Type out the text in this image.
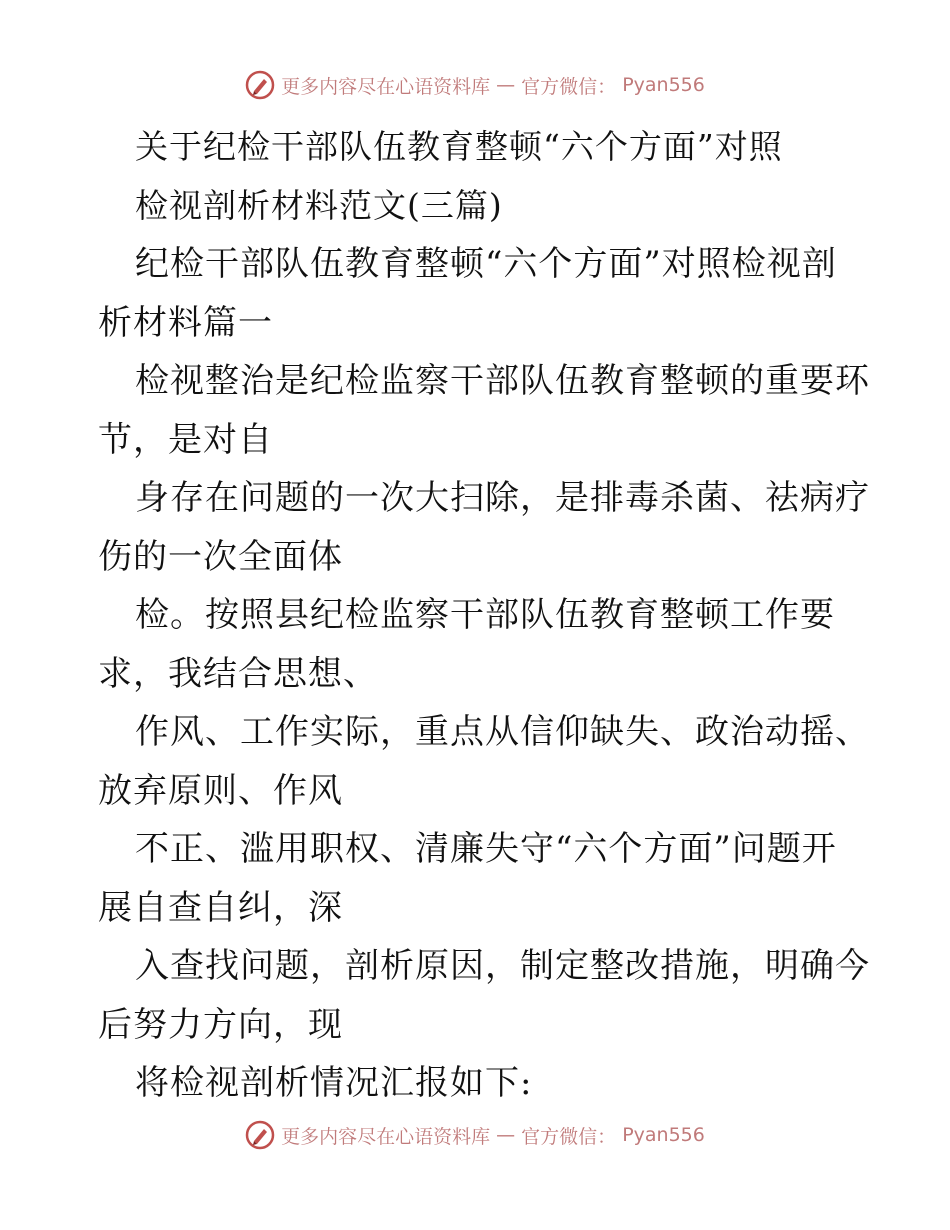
更多内容尽在心语资料库 — 官方微信： Pyan556
关于纪检干部队伍教育整顿“六个方面”对照
检视剖析材料范文(三篇)
纪检干部队伍教育整顿“六个方面”对照检视剖
析材料篇一
检视整治是纪检监察干部队伍教育整顿的重要环
节，是对自
身存在问题的一次大扫除，是排毒杀菌、祛病疗
伤的一次全面体
检。按照县纪检监察干部队伍教育整顿工作要
求，我结合思想、
作风、工作实际，重点从信仰缺失、政治动摇、
放弃原则、作风
不正、滥用职权、清廉失守“六个方面”问题开
展自查自纠，深
入查找问题，剖析原因，制定整改措施，明确今
后努力方向，现
将检视剖析情况汇报如下:
更多内容尽在心语资料库 — 官方微信： Pyan556
